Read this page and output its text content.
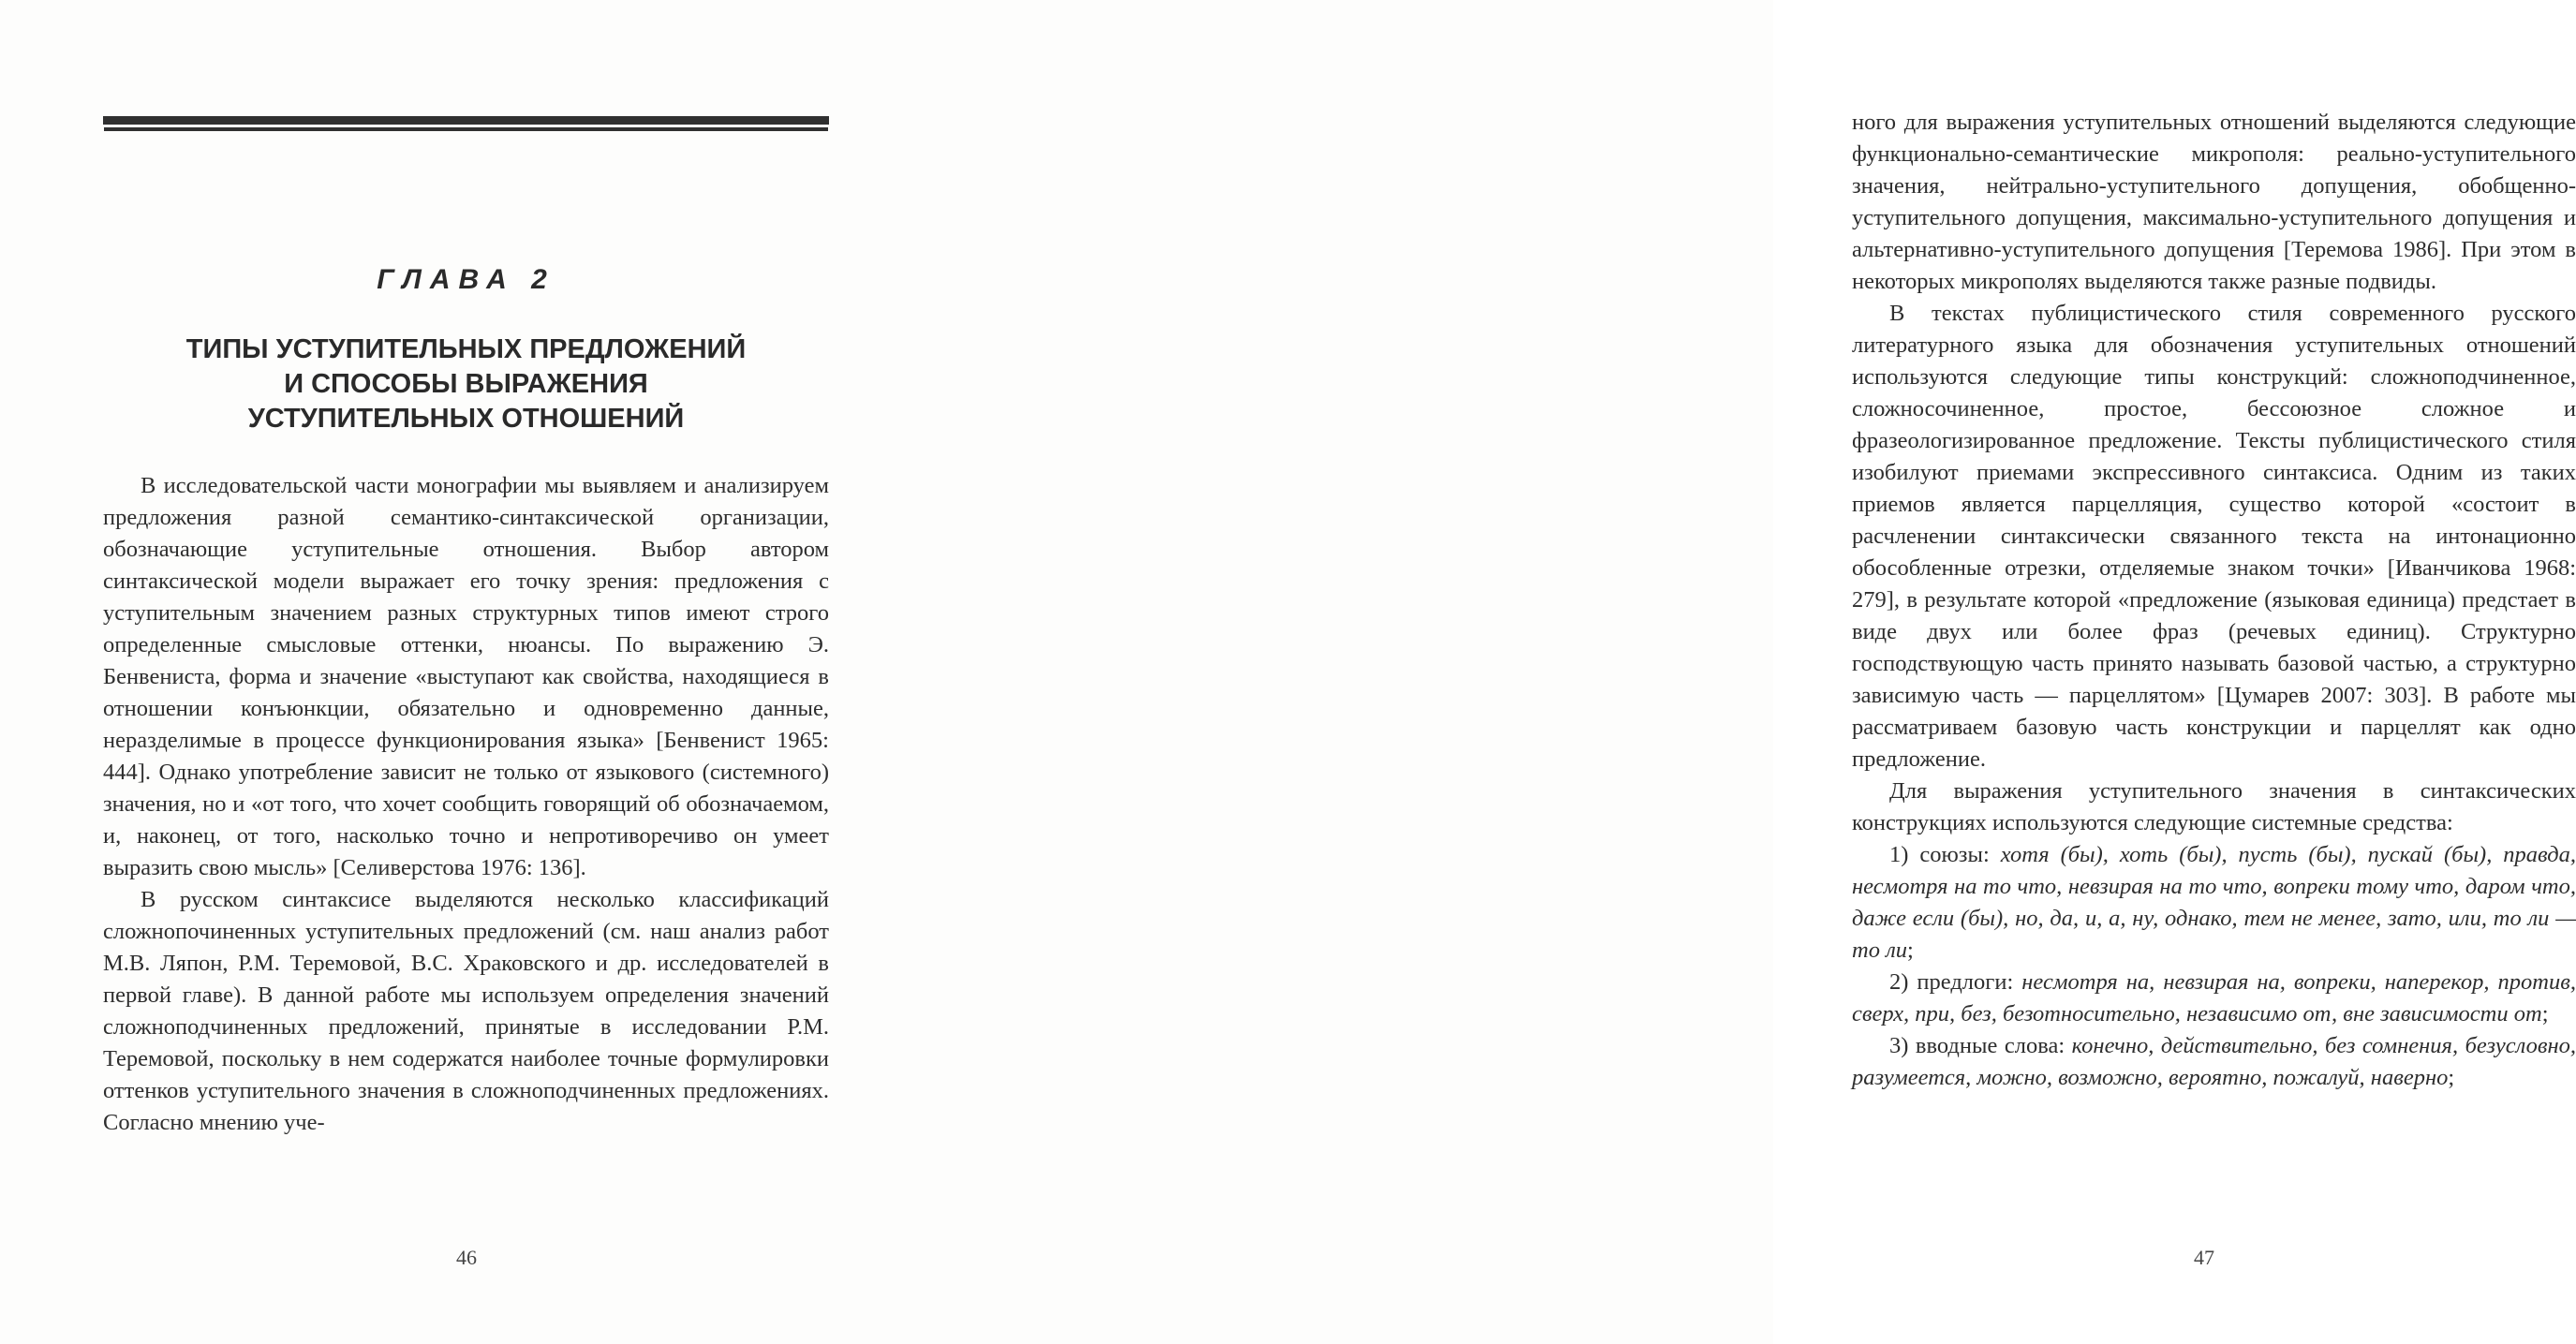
ГЛАВА 2
ТИПЫ УСТУПИТЕЛЬНЫХ ПРЕДЛОЖЕНИЙ
И СПОСОБЫ ВЫРАЖЕНИЯ
УСТУПИТЕЛЬНЫХ ОТНОШЕНИЙ

В исследовательской части монографии мы выявляем и анализируем предложения разной семантико-синтаксической организации, обозначающие уступительные отношения. Выбор автором синтаксической модели выражает его точку зрения: предложения с уступительным значением разных структурных типов имеют строго определенные смысловые оттенки, нюансы. По выражению Э. Бенвениста, форма и значение «выступают как свойства, находящиеся в отношении конъюнкции, обязательно и одновременно данные, неразделимые в процессе функционирования языка» [Бенвенист 1965: 444]. Однако употребление зависит не только от языкового (системного) значения, но и «от того, что хочет сообщить говорящий об обозначаемом, и, наконец, от того, насколько точно и непротиворечиво он умеет выразить свою мысль» [Селиверстова 1976: 136].

В русском синтаксисе выделяются несколько классификаций сложнопочиненных уступительных предложений (см. наш анализ работ М.В. Ляпон, Р.М. Теремовой, В.С. Храковского и др. исследователей в первой главе). В данной работе мы используем определения значений сложноподчиненных предложений, принятые в исследовании Р.М. Теремовой, поскольку в нем содержатся наиболее точные формулировки оттенков уступительного значения в сложноподчиненных предложениях. Согласно мнению уче-

46

ного для выражения уступительных отношений выделяются следующие функционально-семантические микрополя: реально-уступительного значения, нейтрально-уступительного допущения, обобщенно-уступительного допущения, максимально-уступительного допущения и альтернативно-уступительного допущения [Теремова 1986]. При этом в некоторых микрополях выделяются также разные подвиды.

В текстах публицистического стиля современного русского литературного языка для обозначения уступительных отношений используются следующие типы конструкций: сложноподчиненное, сложносочиненное, простое, бессоюзное сложное и фразеологизированное предложение. Тексты публицистического стиля изобилуют приемами экспрессивного синтаксиса. Одним из таких приемов является парцелляция, существо которой «состоит в расчленении синтаксически связанного текста на интонационно обособленные отрезки, отделяемые знаком точки» [Иванчикова 1968: 279], в результате которой «предложение (языковая единица) предстает в виде двух или более фраз (речевых единиц). Структурно господствующую часть принято называть базовой частью, а структурно зависимую часть — парцеллятом» [Цумарев 2007: 303]. В работе мы рассматриваем базовую часть конструкции и парцеллят как одно предложение.

Для выражения уступительного значения в синтаксических конструкциях используются следующие системные средства:

1) союзы: хотя (бы), хоть (бы), пусть (бы), пускай (бы), правда, несмотря на то что, невзирая на то что, вопреки тому что, даром что, даже если (бы), но, да, и, а, ну, однако, тем не менее, зато, или, то ли — то ли;

2) предлоги: несмотря на, невзирая на, вопреки, наперекор, против, сверх, при, без, безотносительно, независимо от, вне зависимости от;

3) вводные слова: конечно, действительно, без сомнения, безусловно, разумеется, можно, возможно, вероятно, пожалуй, наверно;

47
